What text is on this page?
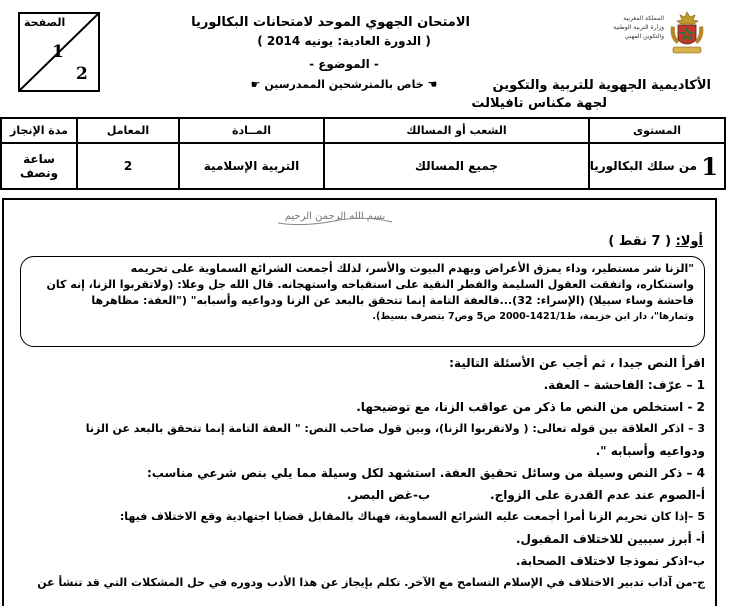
الصفحة
1
2
الامتحان الجهوي الموحد لامتحانات البكالوريا
( الدورة العادية: يونيه 2014 )
- الموضوع -
☚ خاص بالمترشحين الممدرسين ☛
المملكة المغربية
وزارة التربية الوطنية
والتكوين المهني
الأكاديمية الجهوية للتربية والتكوين
لجهة مكناس تافيلالت
المستوى	الشعب أو المسالك	المــادة	المعامل	مدة الإنجاز
1 من سلك البكالوريا	جميع المسالك	التربية الإسلامية	2	ساعة ونصف
بسم الله الرحمن الرحيم
أولا: ( 7 نقط )
"الزنا شر مستطير، وداء يمزق الأعراض ويهدم البيوت والأسر، لذلك أجمعت الشرائع السماوية على تحريمه
واستنكاره، واتفقت العقول السليمة والفطر النقية على استقباحه واستهجانه. قال الله جل وعلا: (ولاتقربوا الزنا، إنه كان
فاحشة وساء سبيلا) (الإسراء: 32)...فالعفة التامة إنما تتحقق بالبعد عن الزنا ودواعيه وأسبابه" ("العفة: مظاهرها
وثمارها"، دار ابن خزيمة، ط1421/1-2000 ص5 وص7 بتصرف بسيط).
اقرأ النص جيدا ، ثم أجب عن الأسئلة التالية:
1 – عرّف: الفاحشة – العفة.
2 - استخلص من النص ما ذكر من عواقب الزنا، مع توضيحها.
3 – اذكر العلاقة بين قوله تعالى: ( ولاتقربوا الزنا)، وبين قول صاحب النص: " العفة التامة إنما تتحقق بالبعد عن الزنا
ودواعيه وأسبابه ".
4 – ذكر النص وسيلة من وسائل تحقيق العفة. استشهد لكل وسيلة مما يلي بنص شرعي مناسب:
أ-الصوم عند عدم القدرة على الزواج.
ب-غض البصر.
5 –إذا كان تحريم الزنا أمرا أجمعت عليه الشرائع السماوية، فهناك بالمقابل قضايا اجتهادية وقع الاختلاف فيها:
أ- أبرز سببين للاختلاف المقبول.
ب-اذكر نموذجا لاختلاف الصحابة.
ج-من آداب تدبير الاختلاف في الإسلام التسامح مع الآخر. تكلم بإيجاز عن هذا الأدب ودوره في حل المشكلات التي قد تنشأ عن
